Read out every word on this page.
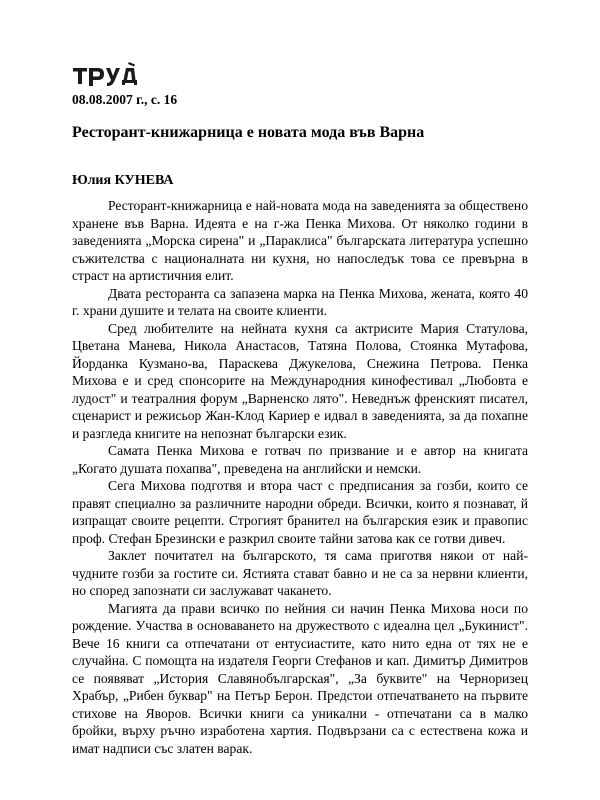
08.08.2007 г., с. 16
Ресторант-книжарница е новата мода във Варна
Юлия КУНЕВА

Ресторант-книжарница е най-новата мода на заведенията за обществено хранене във Варна. Идеята е на г-жа Пенка Михова. От няколко години в заведенията „Морска сирена" и „Параклиса" българската литература успешно съжителства с националната ни кухня, но напоследък това се превърна в страст на артистичния елит.

Двата ресторанта са запазена марка на Пенка Михова, жената, която 40 г. храни душите и телата на своите клиенти.

Сред любителите на нейната кухня са актрисите Мария Статулова, Цветана Манева, Никола Анастасов, Татяна Полова, Стоянка Мутафова, Йорданка Кузмано-ва, Параскева Джукелова, Снежина Петрова. Пенка Михова е и сред спонсорите на Международния кинофестивал „Любовта е лудост" и театралния форум „Варненско лято". Неведнъж френският писател, сценарист и режисьор Жан-Клод Кариер е идвал в заведенията, за да похапне и разгледа книгите на непознат български език.

Самата Пенка Михова е готвач по призвание и е автор на книгата „Когато душата похапва", преведена на английски и немски.

Сега Михова подготвя и втора част с предписания за гозби, които се правят специално за различните народни обреди. Всички, които я познават, й изпращат своите рецепти. Строгият бранител на българския език и правопис проф. Стефан Брезински е разкрил своите тайни затова как се готви дивеч.

Заклет почитател на българското, тя сама приготвя някои от най-чудните гозби за гостите си. Ястията стават бавно и не са за нервни клиенти, но според запознати си заслужават чакането.

Магията да прави всичко по нейния си начин Пенка Михова носи по рождение. Участва в основаването на дружеството с идеална цел „Букинист". Вече 16 книги са отпечатани от ентусиастите, като нито една от тях не е случайна. С помощта на издателя Георги Стефанов и кап. Димитър Димитров се появяват „История Славянобългарская", „За буквите" на Черноризец Храбър, „Рибен буквар" на Петър Берон. Предстои отпечатването на първите стихове на Яворов. Всички книги са уникални - отпечатани са в малко бройки, върху ръчно изработена хартия. Подвързани са с естествена кожа и имат надписи със златен варак.
